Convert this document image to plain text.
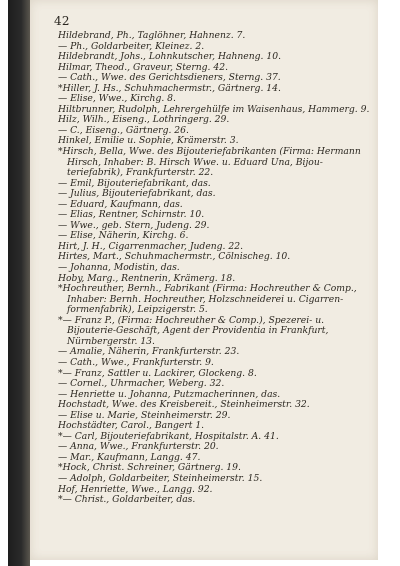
42
Hildebrand, Ph., Taglöhner, Hahnenz. 7.
— Ph., Goldarbeiter, Kleinez. 2.
Hildebrandt, Johs., Lohnkutscher, Hahneng. 10.
Hilmar, Theod., Graveur, Sterng. 42.
— Cath., Wwe. des Gerichtsdieners, Sterng. 37.
*Hiller, J. Hs., Schuhmachermstr., Gärtnerg. 14.
— Elise, Wwe., Kirchg. 8.
Hiltbrunner, Rudolph, Lehrergehülfe im Waisenhaus, Hammerg. 9.
Hilz, Wilh., Eiseng., Lothringerg. 29.
— C., Eiseng., Gärtnerg. 26.
Hinkel, Emilie u. Sophie, Krämerstr. 3.
*Hirsch, Bella, Wwe. des Bijouteriefabrikanten (Firma: Hermann
Hirsch, Inhaber: B. Hirsch Wwe. u. Eduard Una, Bijou-
teriefabrik), Frankfurterstr. 22.
— Emil, Bijouteriefabrikant, das.
— Julius, Bijouteriefabrikant, das.
— Eduard, Kaufmann, das.
— Elias, Rentner, Schirnstr. 10.
— Wwe., geb. Stern, Judeng. 29.
— Elise, Näherin, Kirchg. 6.
Hirt, J. H., Cigarrenmacher, Judeng. 22.
Hirtes, Mart., Schuhmachermstr., Cölnischeg. 10.
— Johanna, Modistin, das.
Hoby, Marg., Rentnerin, Krämerg. 18.
*Hochreuther, Bernh., Fabrikant (Firma: Hochreuther & Comp.,
Inhaber: Bernh. Hochreuther, Holzschneiderei u. Cigarren-
formenfabrik), Leipzigerstr. 5.
*— Franz P., (Firma: Hochreuther & Comp.), Spezerei- u.
Bijouterie-Geschäft, Agent der Providentia in Frankfurt,
Nürnbergerstr. 13.
— Amalie, Näherin, Frankfurterstr. 23.
— Cath., Wwe., Frankfurterstr. 9.
*— Franz, Sattler u. Lackirer, Glockeng. 8.
— Cornel., Uhrmacher, Weberg. 32.
— Henriette u. Johanna, Putzmacherinnen, das.
Hochstadt, Wwe. des Kreisbereit., Steinheimerstr. 32.
— Elise u. Marie, Steinheimerstr. 29.
Hochstädter, Carol., Bangert 1.
*— Carl, Bijouteriefabrikant, Hospitalstr. A. 41.
— Anna, Wwe., Frankfurterstr. 20.
— Mar., Kaufmann, Langg. 47.
*Hock, Christ. Schreiner, Gärtnerg. 19.
— Adolph, Goldarbeiter, Steinheimerstr. 15.
Hof, Henriette, Wwe., Langg. 92.
*— Christ., Goldarbeiter, das.
